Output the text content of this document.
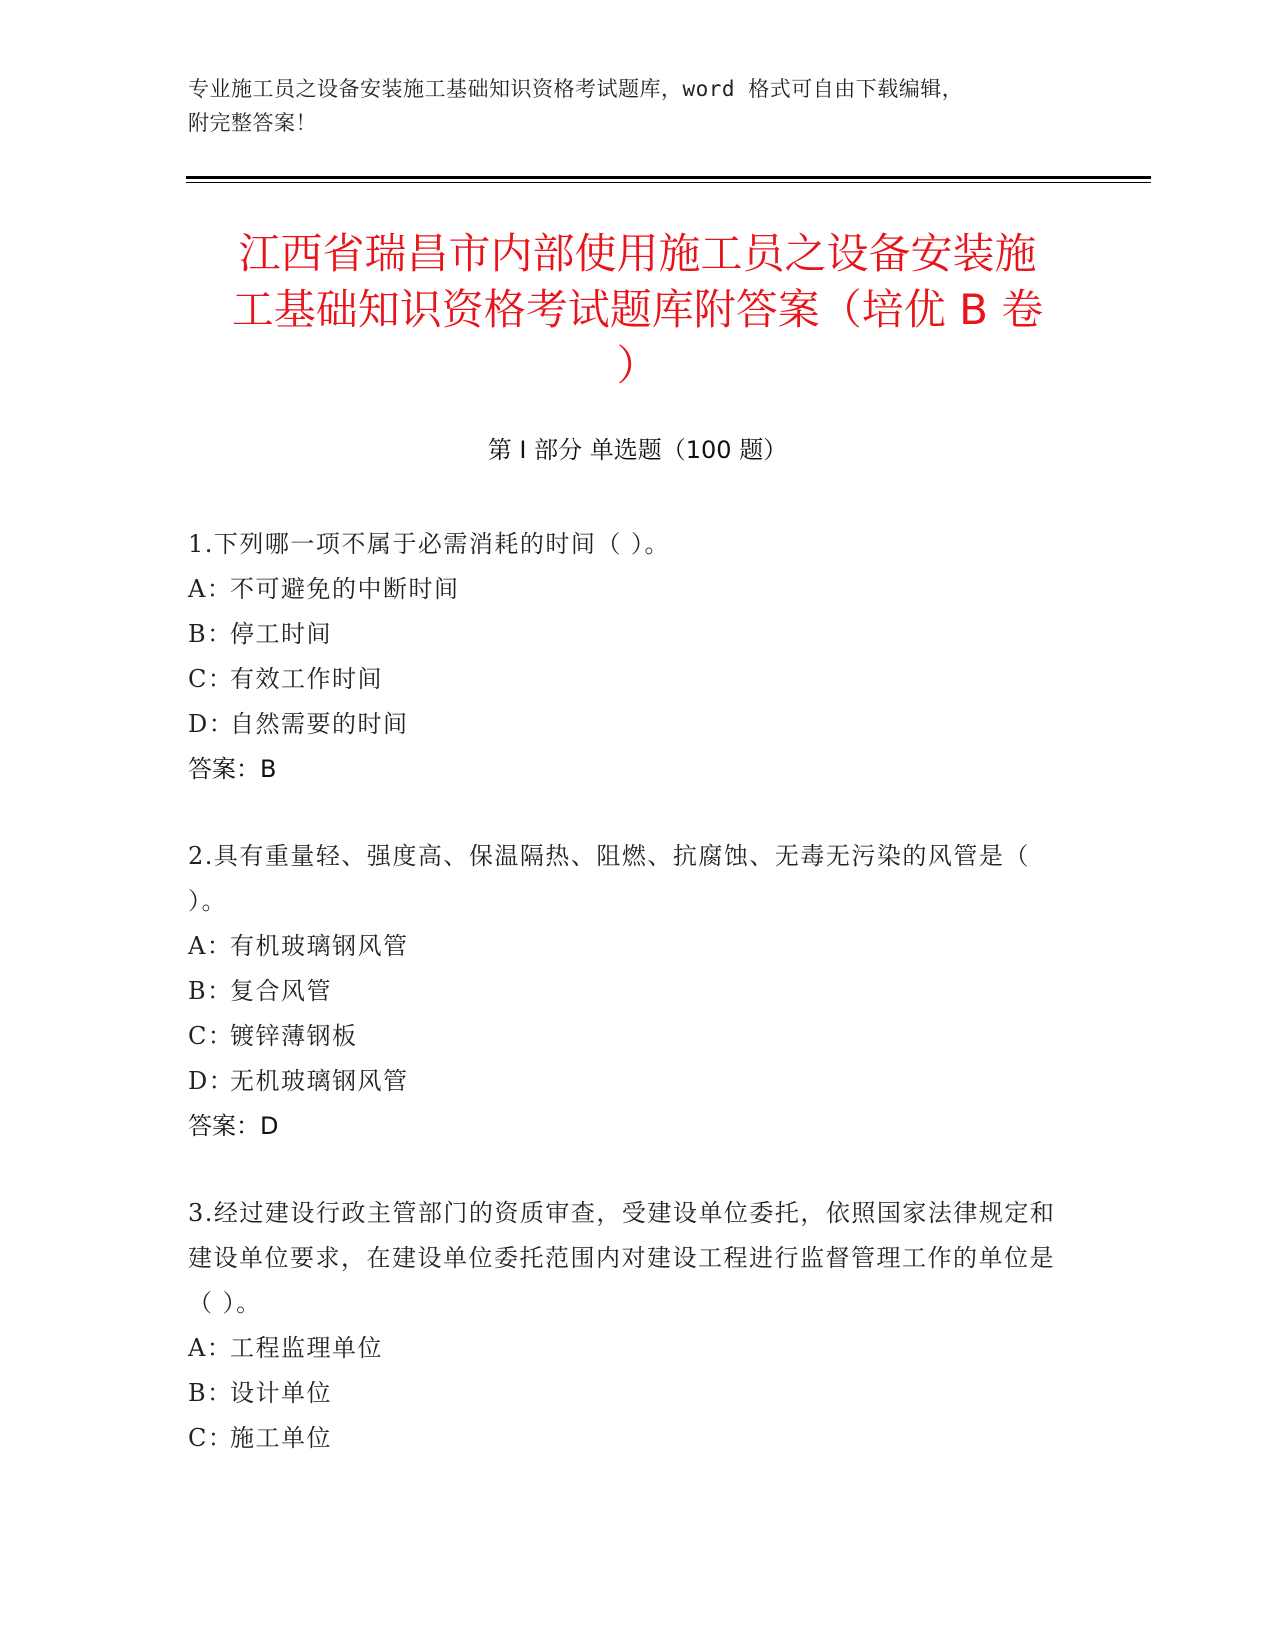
专业施工员之设备安装施工基础知识资格考试题库，word 格式可自由下载编辑，
附完整答案！
江西省瑞昌市内部使用施工员之设备安装施
工基础知识资格考试题库附答案（培优 B 卷
）
第 I 部分 单选题（100 题）
1.下列哪一项不属于必需消耗的时间（ ）。
A：不可避免的中断时间
B：停工时间
C：有效工作时间
D：自然需要的时间
答案：B
2.具有重量轻、强度高、保温隔热、阻燃、抗腐蚀、无毒无污染的风管是（ ）。
A：有机玻璃钢风管
B：复合风管
C：镀锌薄钢板
D：无机玻璃钢风管
答案：D
3.经过建设行政主管部门的资质审查，受建设单位委托，依照国家法律规定和建设单位要求，在建设单位委托范围内对建设工程进行监督管理工作的单位是（ ）。
A：工程监理单位
B：设计单位
C：施工单位
